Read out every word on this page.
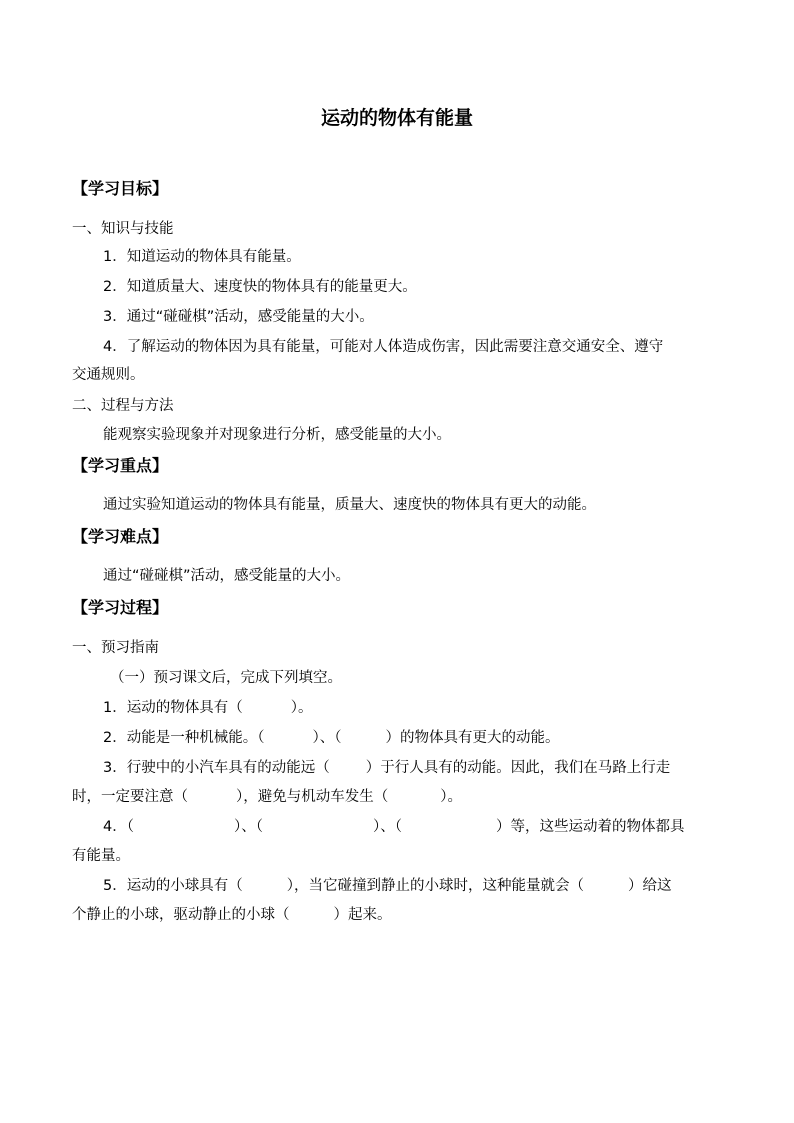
运动的物体有能量
【学习目标】
一、知识与技能
1．知道运动的物体具有能量。
2．知道质量大、速度快的物体具有的能量更大。
3．通过“碰碰棋”活动，感受能量的大小。
4．了解运动的物体因为具有能量，可能对人体造成伤害，因此需要注意交通安全、遵守
交通规则。
二、过程与方法
能观察实验现象并对现象进行分析，感受能量的大小。
【学习重点】
通过实验知道运动的物体具有能量，质量大、速度快的物体具有更大的动能。
【学习难点】
通过“碰碰棋”活动，感受能量的大小。
【学习过程】
一、预习指南
（一）预习课文后，完成下列填空。
1．运动的物体具有（	）。
2．动能是一种机械能。（	）、（	）的物体具有更大的动能。
3．行驶中的小汽车具有的动能远（ ）于行人具有的动能。因此，我们在马路上行走
时，一定要注意（	），避免与机动车发生（	）。
4．（	）、（	）、（	）等，这些运动着的物体都具
有能量。
5．运动的小球具有（	），当它碰撞到静止的小球时，这种能量就会（	）给这
个静止的小球，驱动静止的小球（	）起来。
